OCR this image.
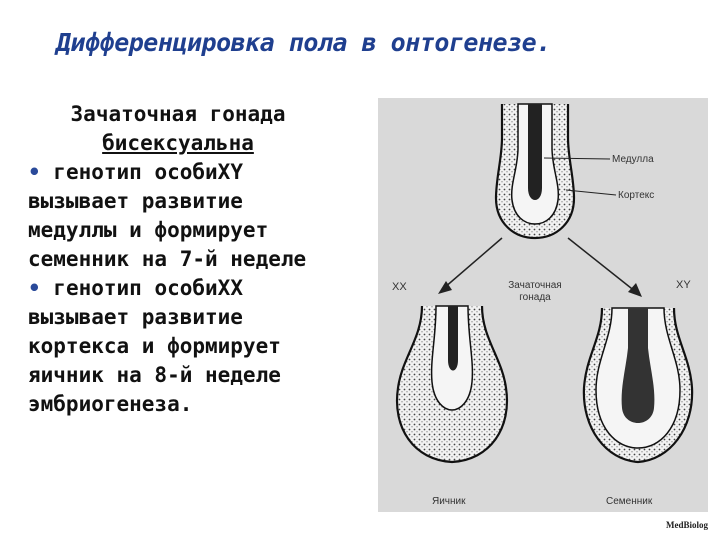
Дифференцировка пола в онтогенезе.
Зачаточная гонада
бисексуальна
• генотип особиXY
вызывает развитие
медуллы и формирует
семенник на 7-й неделе
• генотип особиXX
вызывает развитие
кортекса и формирует
яичник на 8-й неделе
эмбриогенеза.
Медулла
Кортекс
XX	XY
Зачаточная
гонада
Яичник	Семенник
MedBiolog
